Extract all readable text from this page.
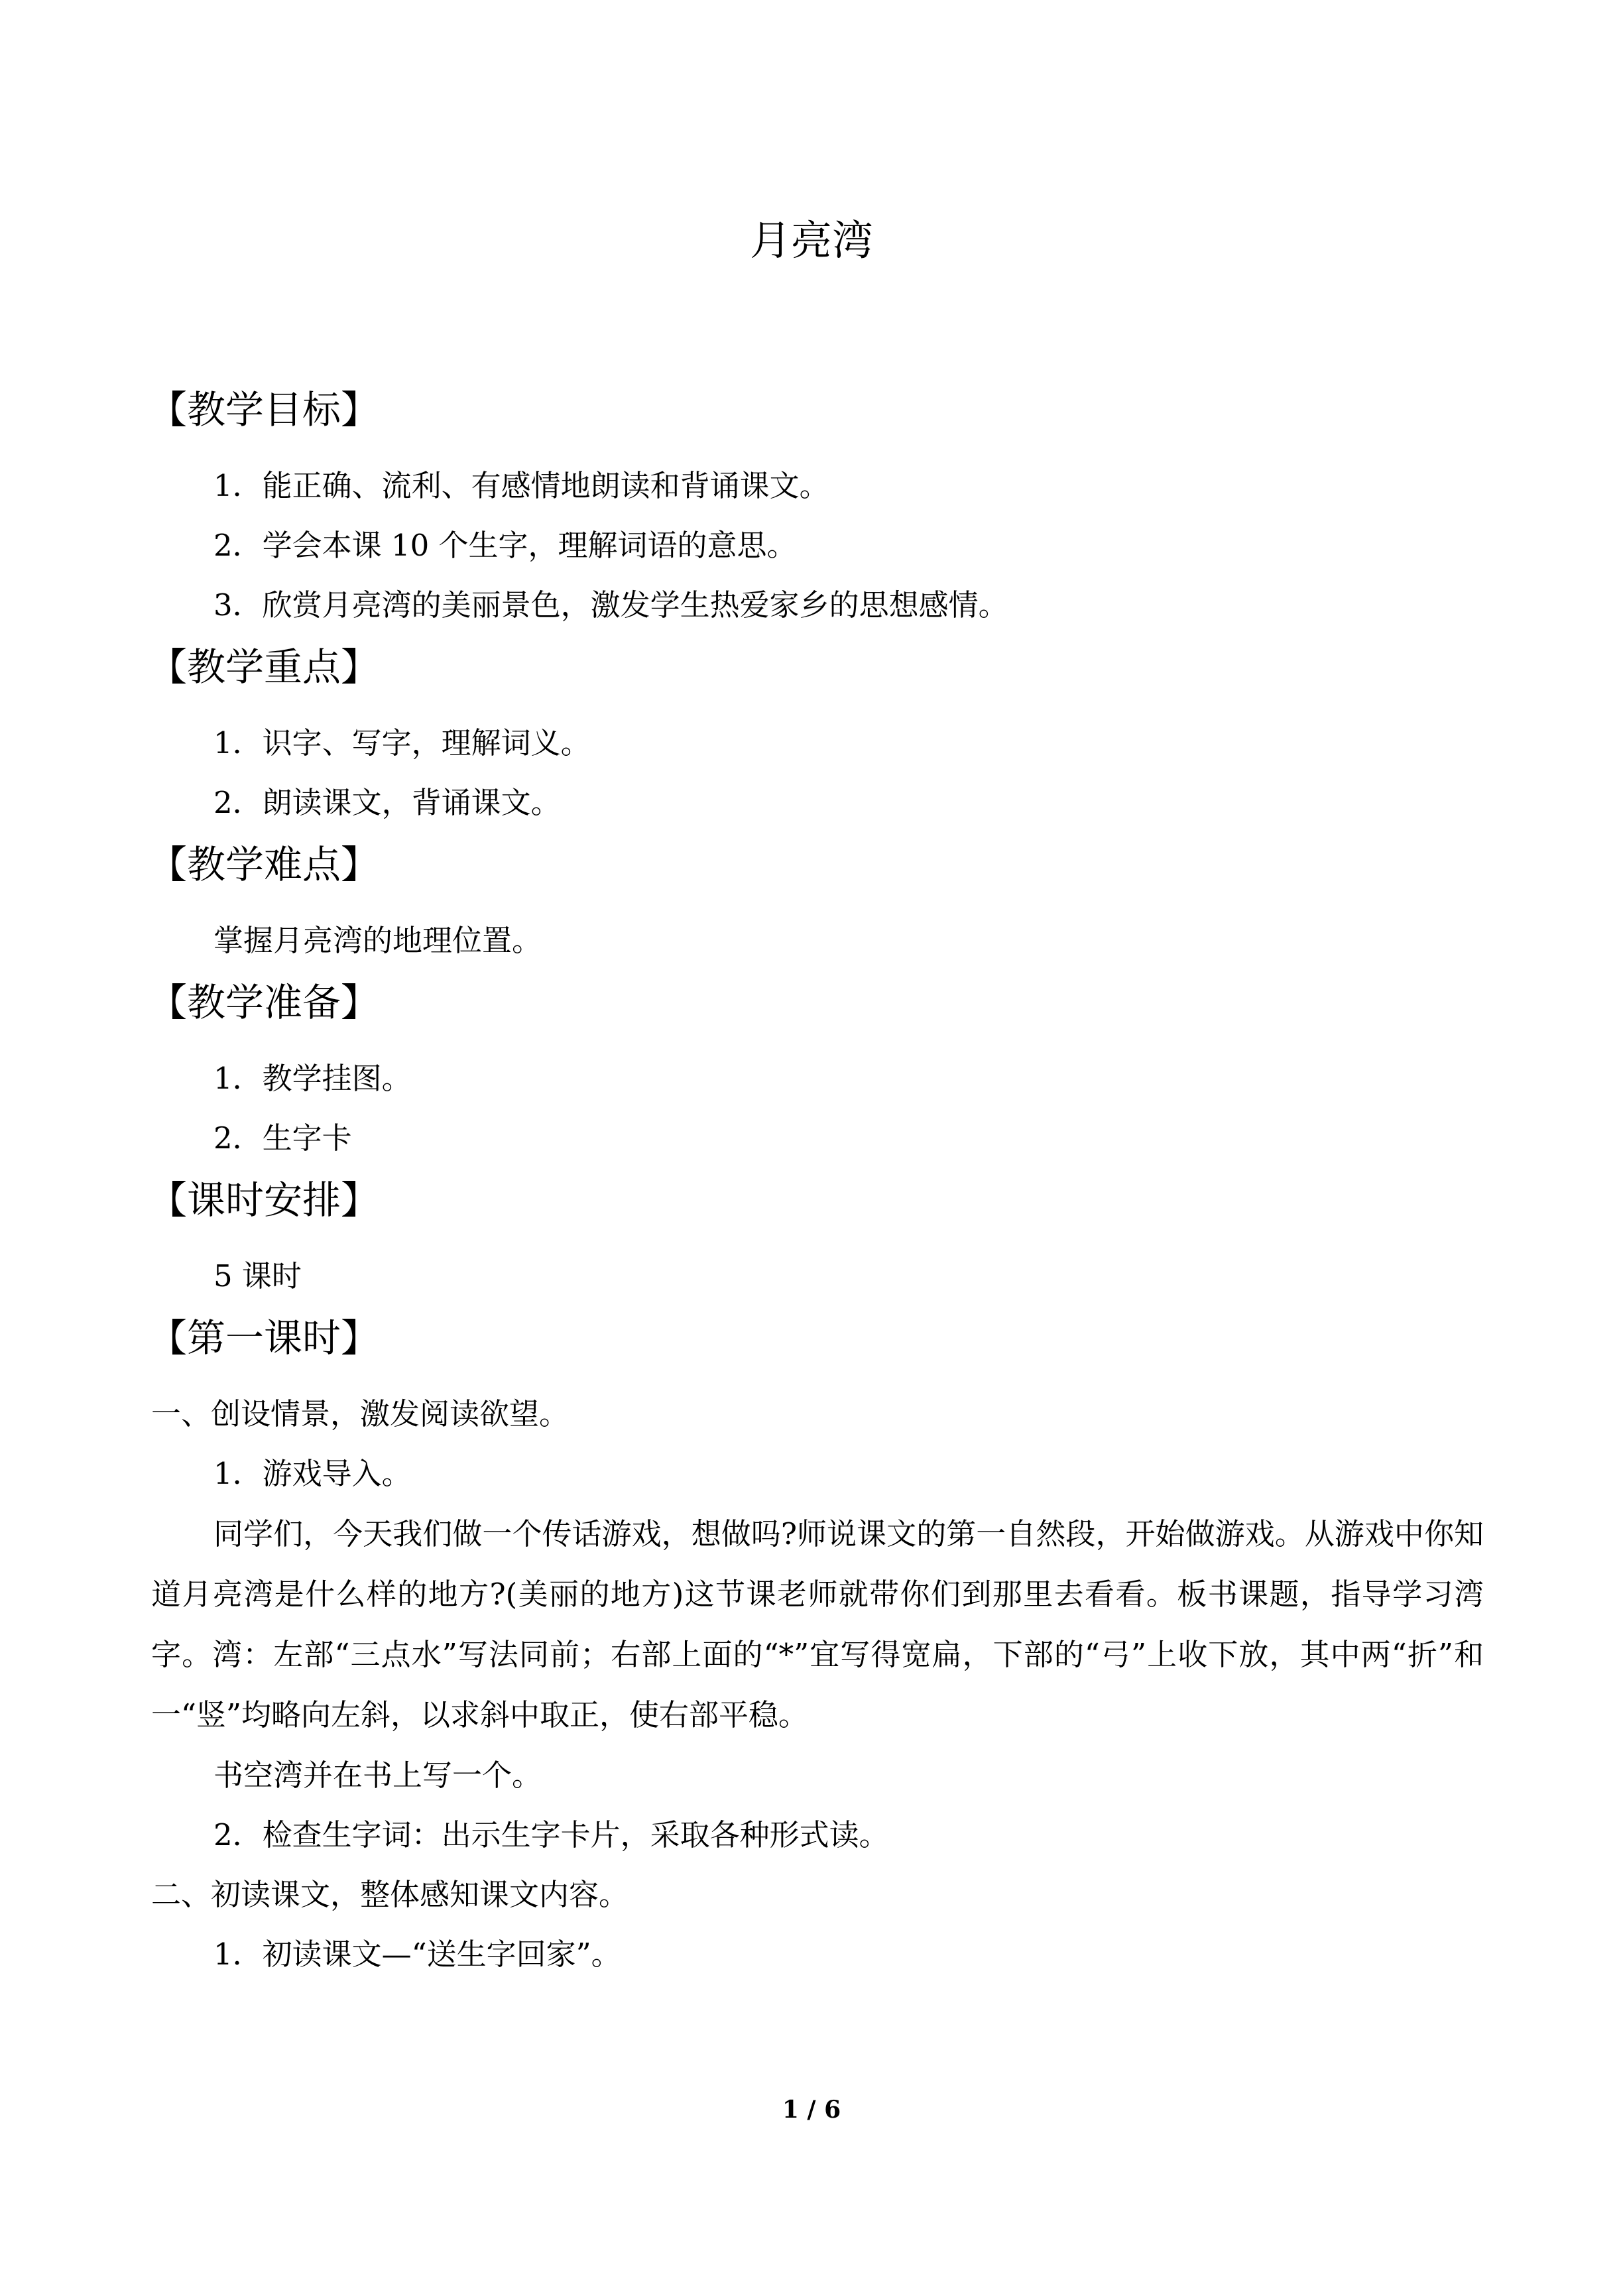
月亮湾
【教学目标】
1．能正确、流利、有感情地朗读和背诵课文。
2．学会本课 10 个生字，理解词语的意思。
3．欣赏月亮湾的美丽景色，激发学生热爱家乡的思想感情。
【教学重点】
1．识字、写字，理解词义。
2．朗读课文，背诵课文。
【教学难点】
掌握月亮湾的地理位置。
【教学准备】
1．教学挂图。
2．生字卡
【课时安排】
5 课时
【第一课时】
一、创设情景，激发阅读欲望。
1．游戏导入。
同学们，今天我们做一个传话游戏，想做吗?师说课文的第一自然段，开始做游戏。从游戏中你知道月亮湾是什么样的地方?(美丽的地方)这节课老师就带你们到那里去看看。板书课题，指导学习湾字。湾：左部“三点水”写法同前；右部上面的“*”宜写得宽扁，下部的“弓”上收下放，其中两“折”和一“竖”均略向左斜，以求斜中取正，使右部平稳。
书空湾并在书上写一个。
2．检查生字词：出示生字卡片，采取各种形式读。
二、初读课文，整体感知课文内容。
1．初读课文—“送生字回家”。
1 / 6
